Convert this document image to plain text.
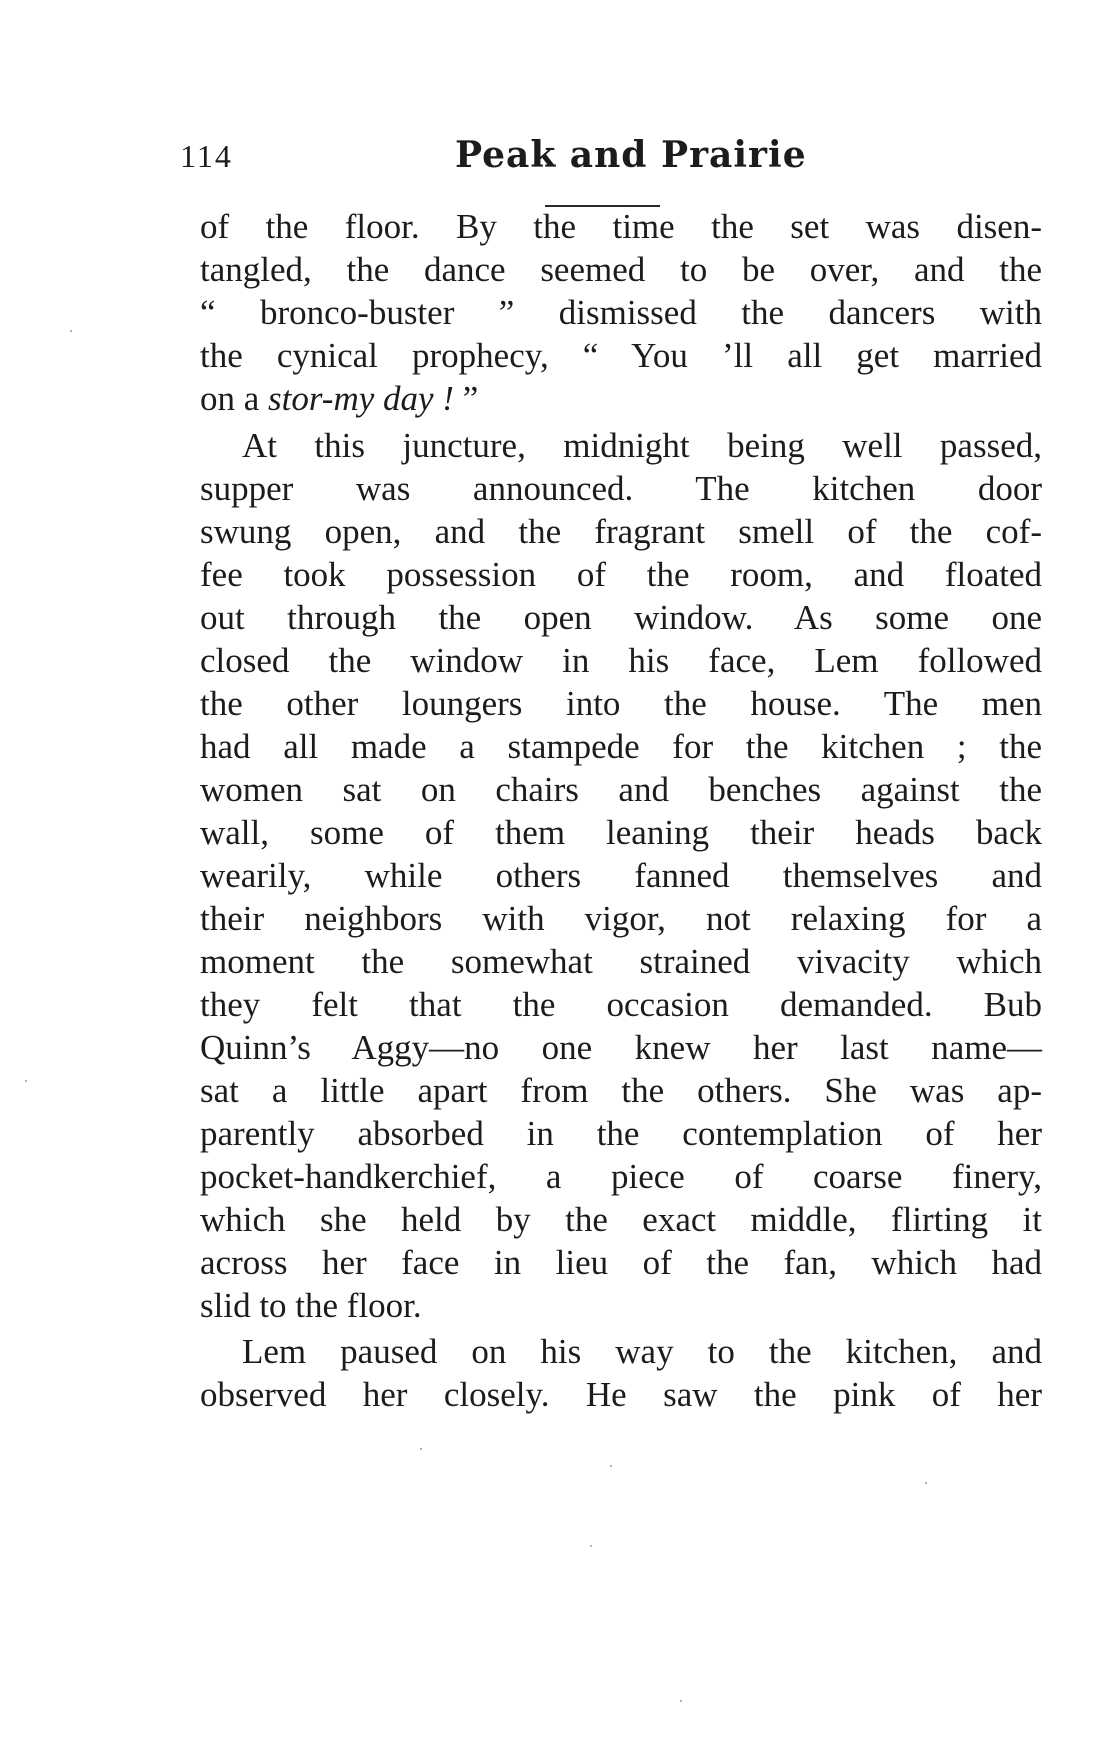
114	Peak and Prairie
of the floor. By the time the set was disen-
tangled, the dance seemed to be over, and the
“ bronco-buster ” dismissed the dancers with
the cynical prophecy, “ You ’ll all get married
on a stor-my day ! ”
At this juncture, midnight being well passed,
supper was announced. The kitchen door
swung open, and the fragrant smell of the cof-
fee took possession of the room, and floated
out through the open window. As some one
closed the window in his face, Lem followed
the other loungers into the house. The men
had all made a stampede for the kitchen ; the
women sat on chairs and benches against the
wall, some of them leaning their heads back
wearily, while others fanned themselves and
their neighbors with vigor, not relaxing for a
moment the somewhat strained vivacity which
they felt that the occasion demanded. Bub
Quinn’s Aggy—no one knew her last name—
sat a little apart from the others. She was ap-
parently absorbed in the contemplation of her
pocket-handkerchief, a piece of coarse finery,
which she held by the exact middle, flirting it
across her face in lieu of the fan, which had
slid to the floor.
Lem paused on his way to the kitchen, and
observed her closely. He saw the pink of her
